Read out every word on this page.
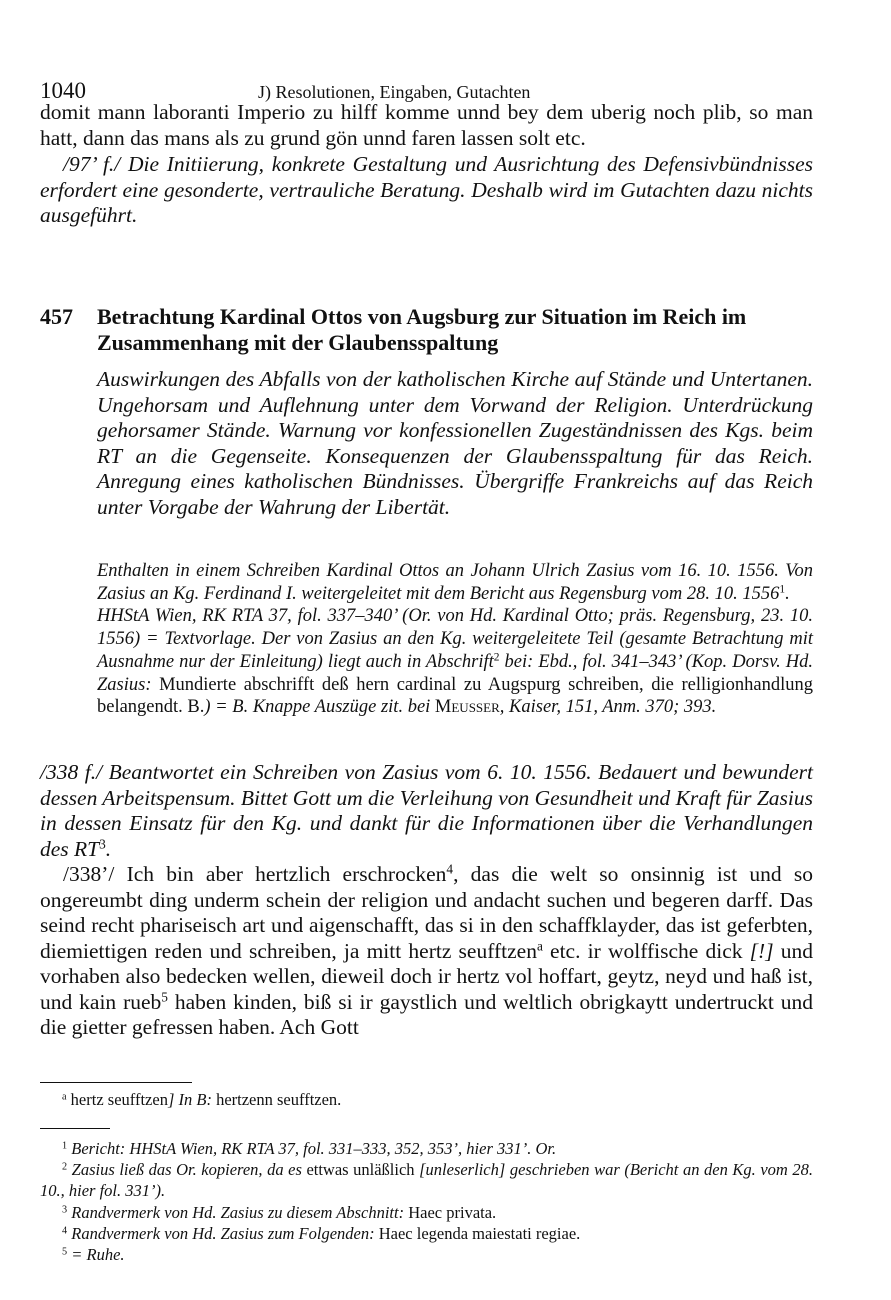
1040	J) Resolutionen, Eingaben, Gutachten
domit mann laboranti Imperio zu hilff komme unnd bey dem uberig noch plib, so man hatt, dann das mans als zu grund gön unnd faren lassen solt etc.
/97’ f./ Die Initiierung, konkrete Gestaltung und Ausrichtung des Defensivbündnisses erfordert eine gesonderte, vertrauliche Beratung. Deshalb wird im Gutachten dazu nichts ausgeführt.
457 Betrachtung Kardinal Ottos von Augsburg zur Situation im Reich im Zusammenhang mit der Glaubensspaltung
Auswirkungen des Abfalls von der katholischen Kirche auf Stände und Untertanen. Ungehorsam und Auflehnung unter dem Vorwand der Religion. Unterdrückung gehorsamer Stände. Warnung vor konfessionellen Zugeständnissen des Kgs. beim RT an die Gegenseite. Konsequenzen der Glaubensspaltung für das Reich. Anregung eines katholischen Bündnisses. Übergriffe Frankreichs auf das Reich unter Vorgabe der Wahrung der Libertät.
Enthalten in einem Schreiben Kardinal Ottos an Johann Ulrich Zasius vom 16. 10. 1556. Von Zasius an Kg. Ferdinand I. weitergeleitet mit dem Bericht aus Regensburg vom 28. 10. 1556$^1$.
HHStA Wien, RK RTA 37, fol. 337–340’ (Or. von Hd. Kardinal Otto; präs. Regensburg, 23. 10. 1556) = Textvorlage. Der von Zasius an den Kg. weitergeleitete Teil (gesamte Betrachtung mit Ausnahme nur der Einleitung) liegt auch in Abschrift$^2$ bei: Ebd., fol. 341–343’ (Kop. Dorsv. Hd. Zasius: Mundierte abschrifft deß hern cardinal zu Augspurg schreiben, die relligionhandlung belangendt. B.) = B. Knappe Auszüge zit. bei Meusser, Kaiser, 151, Anm. 370; 393.
/338 f./ Beantwortet ein Schreiben von Zasius vom 6. 10. 1556. Bedauert und bewundert dessen Arbeitspensum. Bittet Gott um die Verleihung von Gesundheit und Kraft für Zasius in dessen Einsatz für den Kg. und dankt für die Informationen über die Verhandlungen des $RT^3$.
/338’/ Ich bin aber hertzlich erschrocken$^4$, das die welt so onsinnig ist und so ongereumbt ding underm schein der religion und andacht suchen und begeren darff. Das seind recht phariseisch art und aigenschafft, das si in den schaffklayder, das ist geferbten, diemiettigen reden und schreiben, ja mitt hertz seufftzen$^a$ etc. ir wolffische dick [!] und vorhaben also bedecken wellen, dieweil doch ir hertz vol hoffart, geytz, neyd und haß ist, und kain rueb$^5$ haben kinden, biß si ir gaystlich und weltlich obrigkaytt undertruckt und die gietter gefressen haben. Ach Gott
$^a$ hertz seufftzen] In B: hertzenn seufftzen.
$^1$ Bericht: HHStA Wien, RK RTA 37, fol. 331–333, 352, 353’, hier 331’. Or.
$^2$ Zasius ließ das Or. kopieren, da es ettwas unläßlich [unleserlich] geschrieben war (Bericht an den Kg. vom 28. 10., hier fol. 331’).
$^3$ Randvermerk von Hd. Zasius zu diesem Abschnitt: Haec privata.
$^4$ Randvermerk von Hd. Zasius zum Folgenden: Haec legenda maiestati regiae.
$^5$ = Ruhe.
